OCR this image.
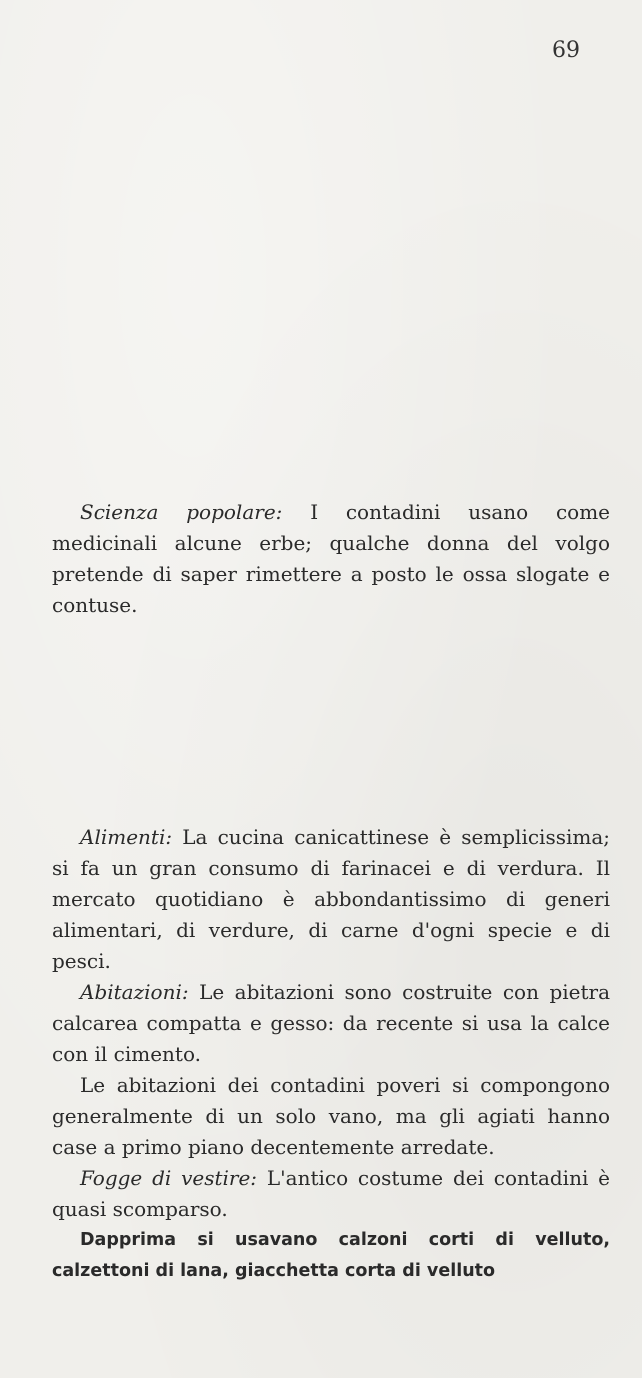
69

Scienza popolare: I contadini usano come medicinali alcune erbe; qualche donna del volgo pretende di saper rimettere a posto le ossa slogate e contuse.

Alimenti: La cucina canicattinese è semplicissima; si fa un gran consumo di farinacei e di verdura. Il mercato quotidiano è abbondantissimo di generi alimentari, di verdure, di carne d'ogni specie e di pesci.

Abitazioni: Le abitazioni sono costruite con pietra calcarea compatta e gesso: da recente si usa la calce con il cimento.

Le abitazioni dei contadini poveri si compongono generalmente di un solo vano, ma gli agiati hanno case a primo piano decentemente arredate.

Fogge di vestire: L'antico costume dei contadini è quasi scomparso.

Dapprima si usavano calzoni corti di velluto, calzettoni di lana, giacchetta corta di velluto
